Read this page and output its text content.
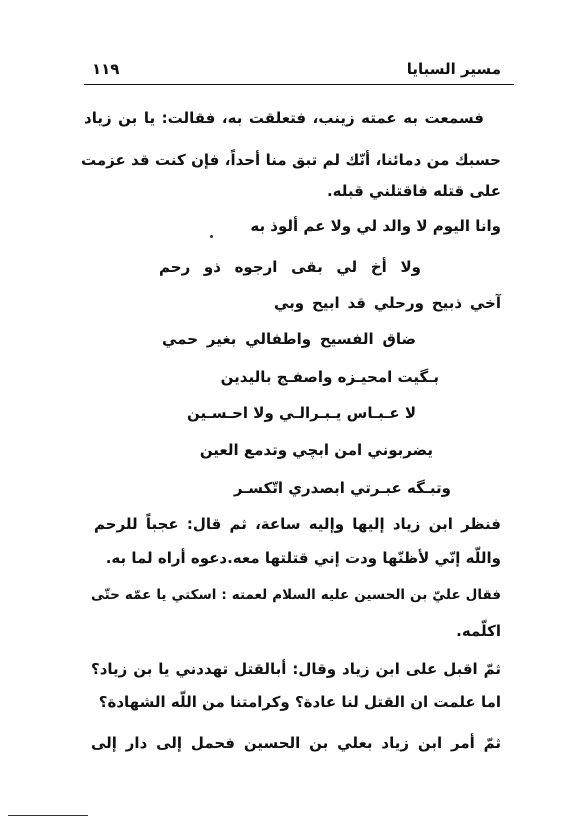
مسير السبايا
١١٩
فسمعت به عمته زينب، فتعلقت به، فقالت: يا بن زياد
حسبك من دمائنا، أنّك لم تبق منا أحداً، فإن كنت قد عزمت
على قتله فاقتلني قبله.
وانا اليوم لا والد لي ولا عم ألوذ به
ولا أخ لي بقى ارجوه ذو رحم
آخي ذبيح ورحلي قد ابيح وبي
ضاق الفسيح واطفالي بغير حمي
بـگيت امحيـزه واصفـج باليدين
لا عـبـاس يـبـرالـي ولا احـسـين
يضربوني امن ابچي وتدمع العين
وتبـگه عبـرتي ابصدري اتّكسـر
فنظر ابن زياد إليها وإليه ساعة، ثم قال: عجباً للرحم
واللّه إنّي لأظنّها ودت إني قتلتها معه.دعوه أراه لما به.
فقال عليّ بن الحسين عليه السلام لعمته : اسكتي يا عمّه حتّى
اكلّمه.
ثمّ اقبل على ابن زياد وقال: أبالقتل تهددني يا بن زياد؟
اما علمت ان القتل لنا عادة؟ وكرامتنا من اللّه الشهادة؟
ثمّ أمر ابن زياد بعلي بن الحسين فحمل إلى دار إلى
